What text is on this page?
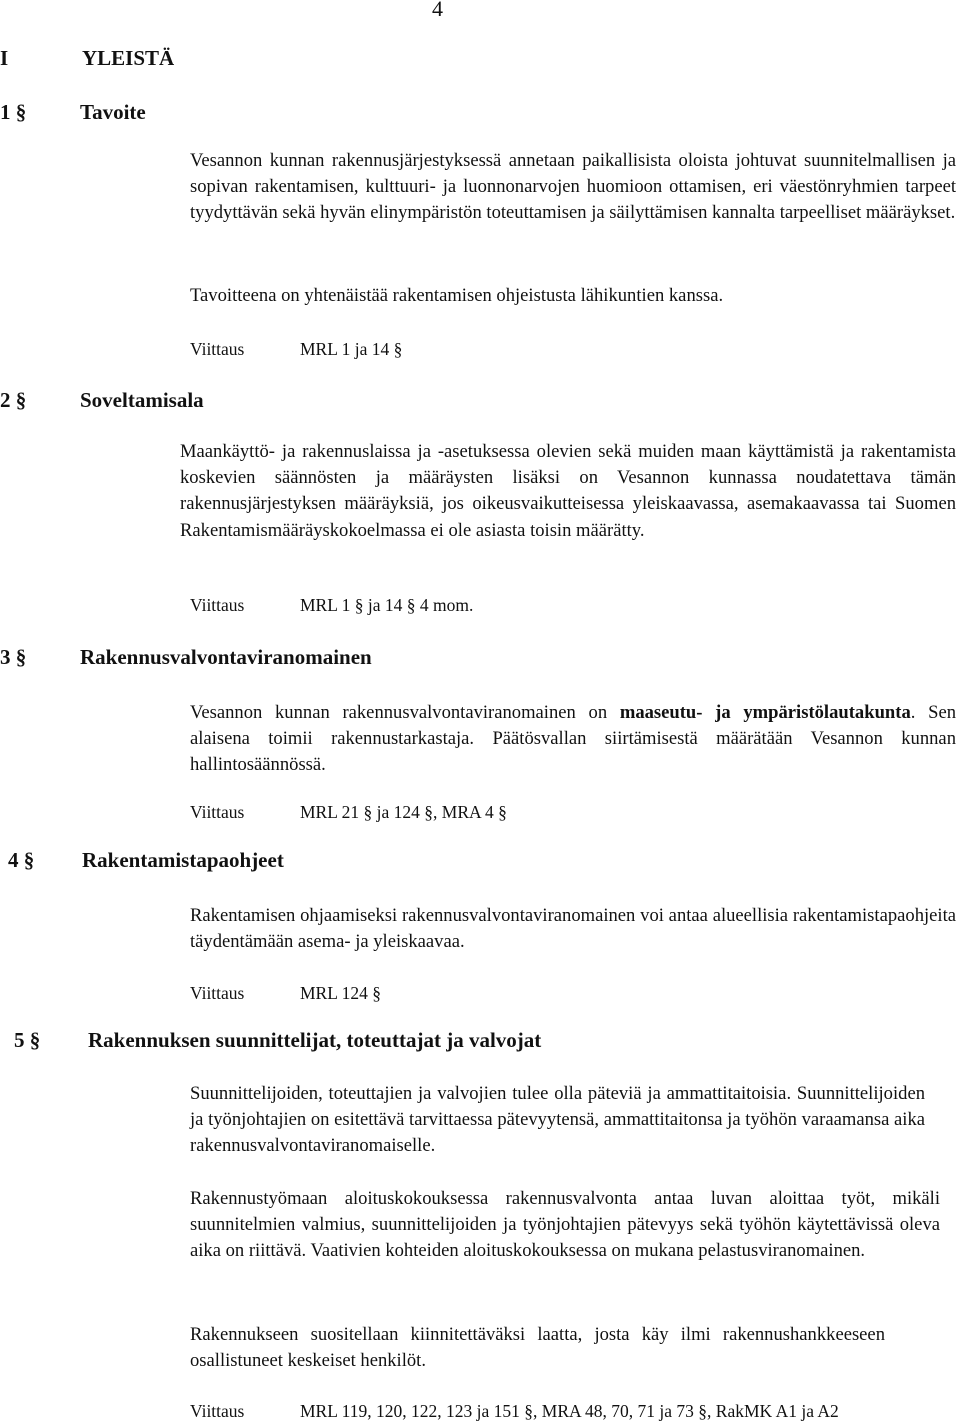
4
I	YLEISTÄ
1 §	Tavoite

Vesannon kunnan rakennusjärjestyksessä annetaan paikallisista oloista johtuvat suunnitelmallisen ja sopivan rakentamisen, kulttuuri- ja luonnonarvojen huomioon ottamisen, eri väestönryhmien tarpeet tyydyttävän sekä hyvän elinympäristön toteuttamisen ja säilyttämisen kannalta tarpeelliset määräykset.

Tavoitteena on yhtenäistää rakentamisen ohjeistusta lähikuntien kanssa.

Viittaus	MRL 1 ja 14 §
2 §	Soveltamisala

Maankäyttö- ja rakennuslaissa ja -asetuksessa olevien sekä muiden maan käyttämistä ja rakentamista koskevien säännösten ja määräysten lisäksi on Vesannon kunnassa noudatettava tämän rakennusjärjestyksen määräyksiä, jos oikeusvaikutteisessa yleiskaavassa, asemakaavassa tai Suomen Rakentamismääräyskokoelmassa ei ole asiasta toisin määrätty.

Viittaus	MRL 1 § ja 14 § 4 mom.
3 §	Rakennusvalvontaviranomainen

Vesannon kunnan rakennusvalvontaviranomainen on maaseutu- ja ympäristölautakunta. Sen alaisena toimii rakennustarkastaja. Päätösvallan siirtämisestä määrätään Vesannon kunnan hallintosäännössä.

Viittaus	MRL 21 § ja 124 §, MRA 4 §
4 § Rakentamistapaohjeet

Rakentamisen ohjaamiseksi rakennusvalvontaviranomainen voi antaa alueellisia rakentamistapaohjeita täydentämään asema- ja yleiskaavaa.

Viittaus	MRL 124 §
5 § Rakennuksen suunnittelijat, toteuttajat ja valvojat

Suunnittelijoiden, toteuttajien ja valvojien tulee olla päteviä ja ammattitaitoisia. Suunnittelijoiden ja työnjohtajien on esitettävä tarvittaessa pätevyytensä, ammattitaitonsa ja työhön varaamansa aika rakennusvalvontaviranomaiselle.

Rakennustyömaan aloituskokouksessa rakennusvalvonta antaa luvan aloittaa työt, mikäli suunnitelmien valmius, suunnittelijoiden ja työnjohtajien pätevyys sekä työhön käytettävissä oleva aika on riittävä. Vaativien kohteiden aloituskokouksessa on mukana pelastusviranomainen.

Rakennukseen suositellaan kiinnitettäväksi laatta, josta käy ilmi rakennushankkeeseen osallistuneet keskeiset henkilöt.

Viittaus	MRL 119, 120, 122, 123 ja 151 §, MRA 48, 70, 71 ja 73 §, RakMK A1 ja A2
